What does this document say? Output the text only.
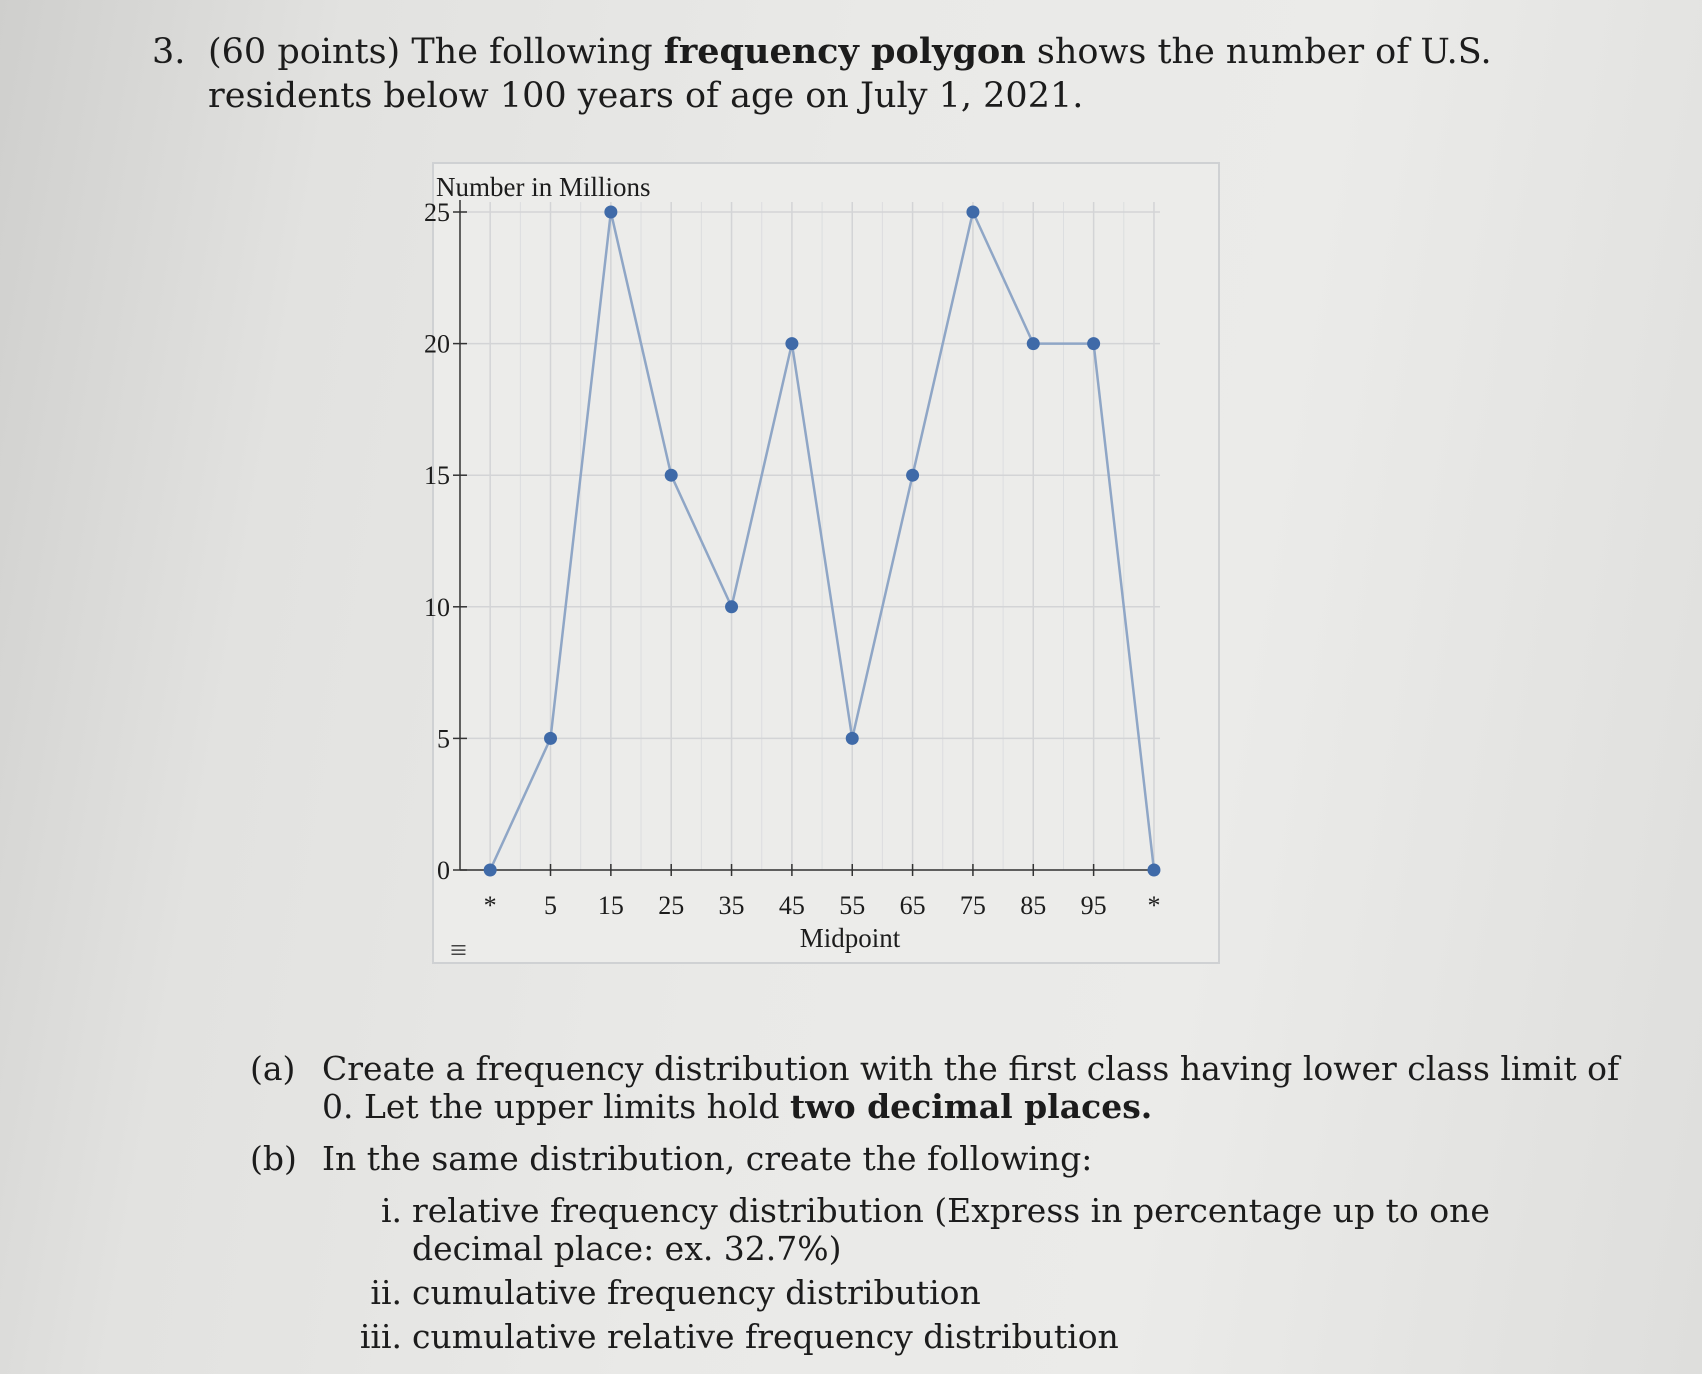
3. (60 points) The following frequency polygon shows the number of U.S. residents below 100 years of age on July 1, 2021.
Number in Millions
Midpoint
≡
0
5
10
15
20
25
* 5 15 25 35 45 55 65 75 85 95 *
(a) Create a frequency distribution with the first class having lower class limit of 0. Let the upper limits hold two decimal places.
(b) In the same distribution, create the following:
i. relative frequency distribution (Express in percentage up to one decimal place: ex. 32.7%)
ii. cumulative frequency distribution
iii. cumulative relative frequency distribution
